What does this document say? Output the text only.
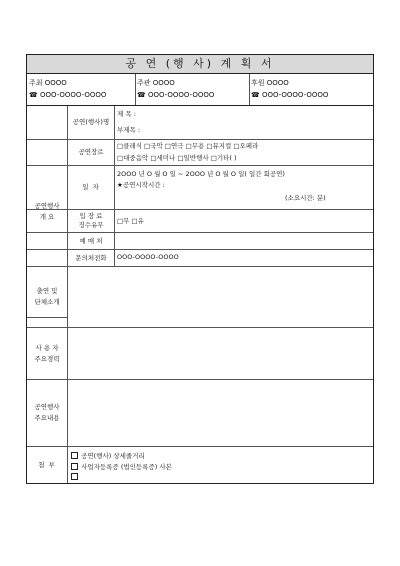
공 연 (행 사) 계 획 서
주최 OOOO
☎ OOO-OOOO-OOOO
주관 OOOO
☎ OOO-OOOO-OOOO
후원 OOOO
☎ OOO-OOOO-OOOO
공연행사
개 요
공연(행사)명
제 목 :
부제목 :
공연장르
□클래식 □국악 □연극 □무용 □뮤지컬 □오페라
□대중음악 □세미나 □일반행사 □기타( )
일 자
2OOO 년 O 월 O 일 ~ 2OOO 년 O 월 O 일( 일간 회공연)
★공연시작시간 :
(소요시간: 분)
입 장 료
징수유무	□무 □유
예 매 처
문의처전화	OOO-OOOO-OOOO
출연 및
단체소개
사 용 자
주요경력
공연행사
주요내용
첨 부
공연(행사) 상세줄거리
사업자등록증 (법인등록증) 사본
